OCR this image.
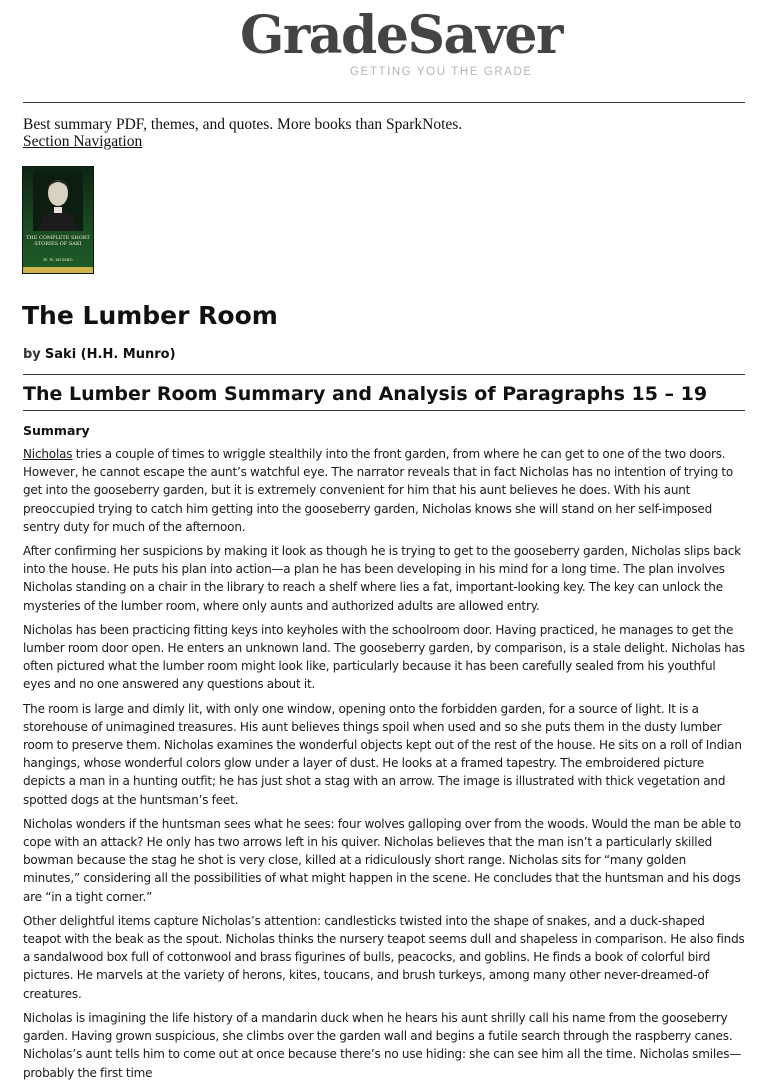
GradeSaver
GETTING YOU THE GRADE
Best summary PDF, themes, and quotes. More books than SparkNotes.
Section Navigation
THE COMPLETE SHORT STORIES OF SAKI
H. H. MUNRO
The Lumber Room
by Saki (H.H. Munro)
The Lumber Room Summary and Analysis of Paragraphs 15 – 19
Summary

Nicholas tries a couple of times to wriggle stealthily into the front garden, from where he can get to one of the two doors. However, he cannot escape the aunt’s watchful eye. The narrator reveals that in fact Nicholas has no intention of trying to get into the gooseberry garden, but it is extremely convenient for him that his aunt believes he does. With his aunt preoccupied trying to catch him getting into the gooseberry garden, Nicholas knows she will stand on her self-imposed sentry duty for much of the afternoon.

After confirming her suspicions by making it look as though he is trying to get to the gooseberry garden, Nicholas slips back into the house. He puts his plan into action—a plan he has been developing in his mind for a long time. The plan involves Nicholas standing on a chair in the library to reach a shelf where lies a fat, important-looking key. The key can unlock the mysteries of the lumber room, where only aunts and authorized adults are allowed entry.

Nicholas has been practicing fitting keys into keyholes with the schoolroom door. Having practiced, he manages to get the lumber room door open. He enters an unknown land. The gooseberry garden, by comparison, is a stale delight. Nicholas has often pictured what the lumber room might look like, particularly because it has been carefully sealed from his youthful eyes and no one answered any questions about it.

The room is large and dimly lit, with only one window, opening onto the forbidden garden, for a source of light. It is a storehouse of unimagined treasures. His aunt believes things spoil when used and so she puts them in the dusty lumber room to preserve them. Nicholas examines the wonderful objects kept out of the rest of the house. He sits on a roll of Indian hangings, whose wonderful colors glow under a layer of dust. He looks at a framed tapestry. The embroidered picture depicts a man in a hunting outfit; he has just shot a stag with an arrow. The image is illustrated with thick vegetation and spotted dogs at the huntsman’s feet.

Nicholas wonders if the huntsman sees what he sees: four wolves galloping over from the woods. Would the man be able to cope with an attack? He only has two arrows left in his quiver. Nicholas believes that the man isn’t a particularly skilled bowman because the stag he shot is very close, killed at a ridiculously short range. Nicholas sits for “many golden minutes,” considering all the possibilities of what might happen in the scene. He concludes that the huntsman and his dogs are “in a tight corner.”

Other delightful items capture Nicholas’s attention: candlesticks twisted into the shape of snakes, and a duck-shaped teapot with the beak as the spout. Nicholas thinks the nursery teapot seems dull and shapeless in comparison. He also finds a sandalwood box full of cottonwool and brass figurines of bulls, peacocks, and goblins. He finds a book of colorful bird pictures. He marvels at the variety of herons, kites, toucans, and brush turkeys, among many other never-dreamed-of creatures.

Nicholas is imagining the life history of a mandarin duck when he hears his aunt shrilly call his name from the gooseberry garden. Having grown suspicious, she climbs over the garden wall and begins a futile search through the raspberry canes. Nicholas’s aunt tells him to come out at once because there’s no use hiding: she can see him all the time. Nicholas smiles—probably the first time
